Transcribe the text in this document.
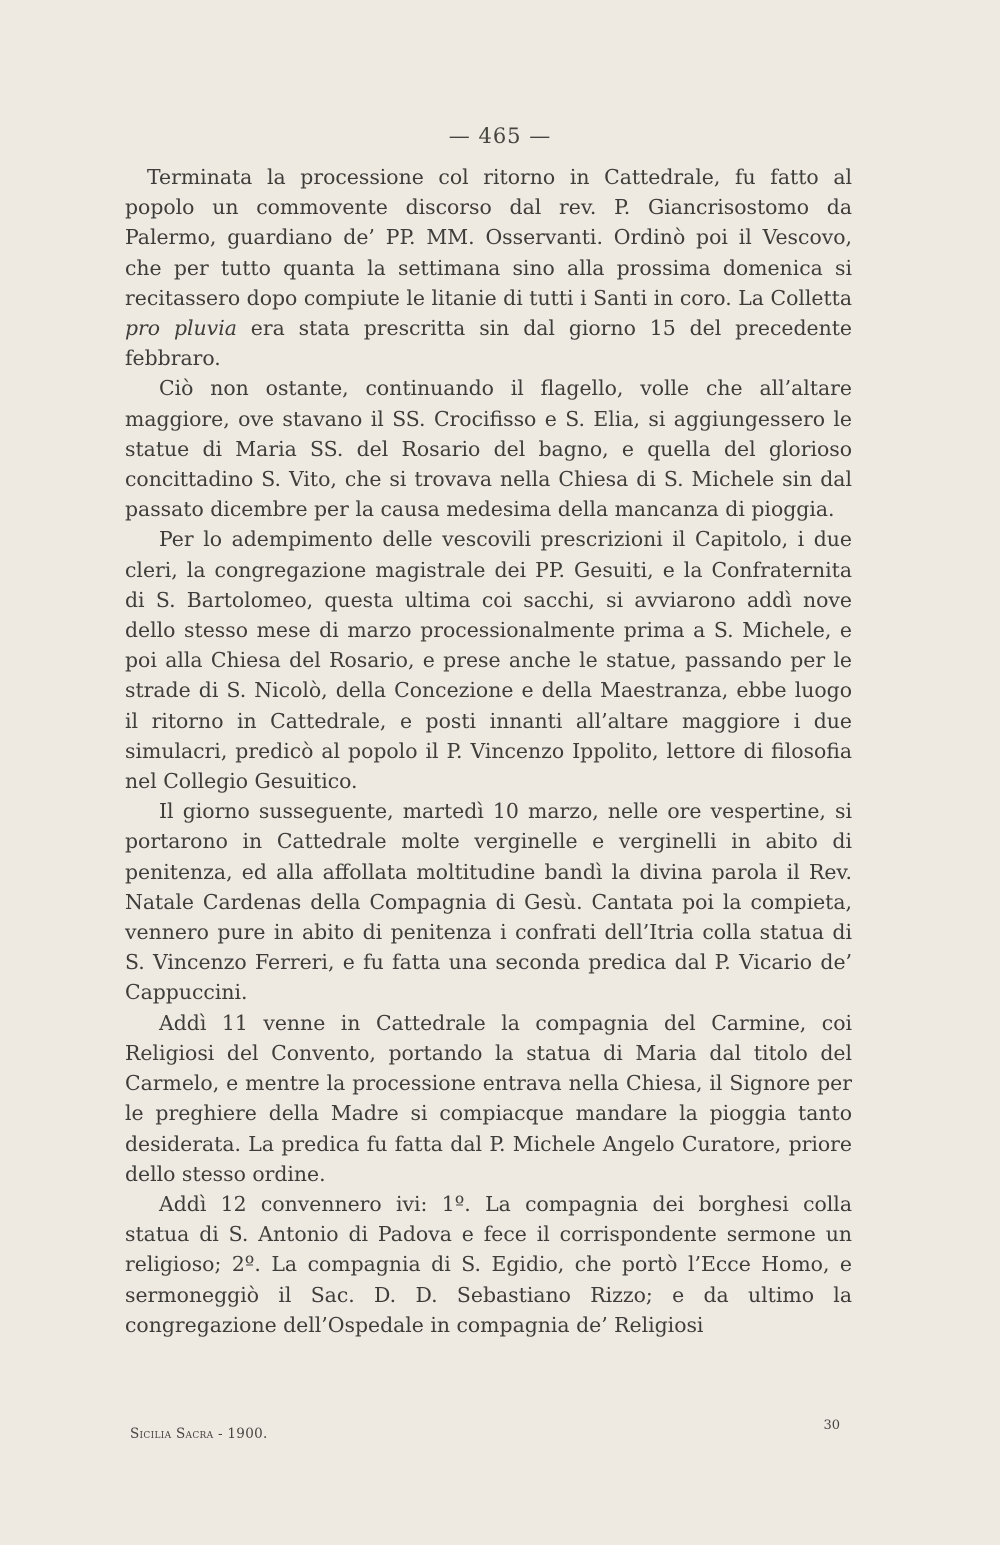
— 465 —

Terminata la processione col ritorno in Cattedrale, fu fatto al popolo un commovente discorso dal rev. P. Giancrisostomo da Palermo, guardiano de’ PP. MM. Osservanti. Ordinò poi il Vescovo, che per tutto quanta la settimana sino alla prossima domenica si recitassero dopo compiute le litanie di tutti i Santi in coro. La Colletta pro pluvia era stata prescritta sin dal giorno 15 del precedente febbraro.

Ciò non ostante, continuando il flagello, volle che all’altare maggiore, ove stavano il SS. Crocifisso e S. Elia, si aggiungessero le statue di Maria SS. del Rosario del bagno, e quella del glorioso concittadino S. Vito, che si trovava nella Chiesa di S. Michele sin dal passato dicembre per la causa medesima della mancanza di pioggia.

Per lo adempimento delle vescovili prescrizioni il Capitolo, i due cleri, la congregazione magistrale dei PP. Gesuiti, e la Confraternita di S. Bartolomeo, questa ultima coi sacchi, si avviarono addì nove dello stesso mese di marzo processionalmente prima a S. Michele, e poi alla Chiesa del Rosario, e prese anche le statue, passando per le strade di S. Nicolò, della Concezione e della Maestranza, ebbe luogo il ritorno in Cattedrale, e posti innanti all’altare maggiore i due simulacri, predicò al popolo il P. Vincenzo Ippolito, lettore di filosofia nel Collegio Gesuitico.

Il giorno susseguente, martedì 10 marzo, nelle ore vespertine, si portarono in Cattedrale molte verginelle e verginelli in abito di penitenza, ed alla affollata moltitudine bandì la divina parola il Rev. Natale Cardenas della Compagnia di Gesù. Cantata poi la compieta, vennero pure in abito di penitenza i confrati dell’Itria colla statua di S. Vincenzo Ferreri, e fu fatta una seconda predica dal P. Vicario de’ Cappuccini.

Addì 11 venne in Cattedrale la compagnia del Carmine, coi Religiosi del Convento, portando la statua di Maria dal titolo del Carmelo, e mentre la processione entrava nella Chiesa, il Signore per le preghiere della Madre si compiacque mandare la pioggia tanto desiderata. La predica fu fatta dal P. Michele Angelo Curatore, priore dello stesso ordine.

Addì 12 convennero ivi: 1º. La compagnia dei borghesi colla statua di S. Antonio di Padova e fece il corrispondente sermone un religioso; 2º. La compagnia di S. Egidio, che portò l’Ecce Homo, e sermoneggiò il Sac. D. D. Sebastiano Rizzo; e da ultimo la congregazione dell’Ospedale in compagnia de’ Religiosi

Sicilia Sacra - 1900.
30
